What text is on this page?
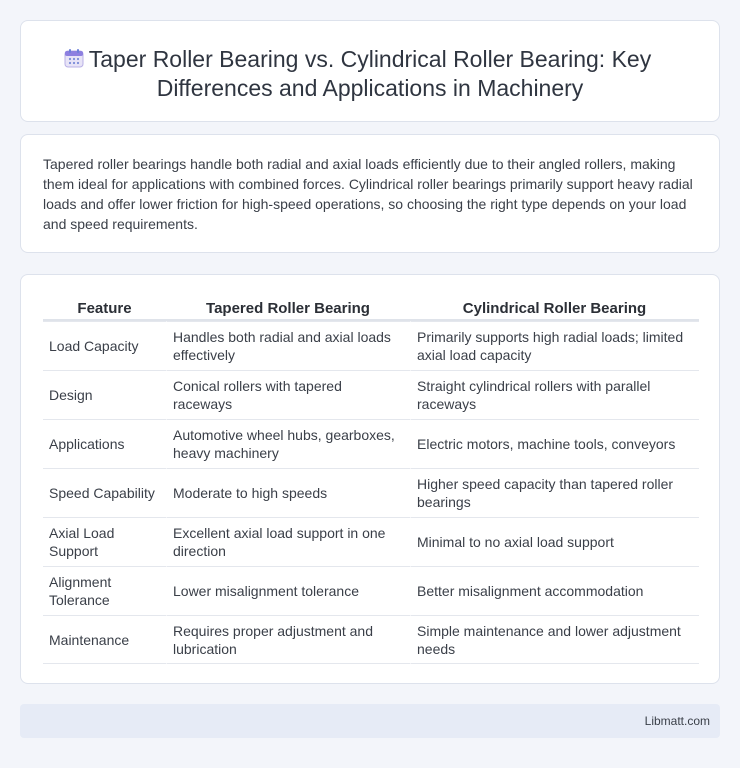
Taper Roller Bearing vs. Cylindrical Roller Bearing: Key Differences and Applications in Machinery

Tapered roller bearings handle both radial and axial loads efficiently due to their angled rollers, making them ideal for applications with combined forces. Cylindrical roller bearings primarily support heavy radial loads and offer lower friction for high-speed operations, so choosing the right type depends on your load and speed requirements.

Feature	Tapered Roller Bearing	Cylindrical Roller Bearing
Load Capacity	Handles both radial and axial loads effectively	Primarily supports high radial loads; limited axial load capacity
Design	Conical rollers with tapered raceways	Straight cylindrical rollers with parallel raceways
Applications	Automotive wheel hubs, gearboxes, heavy machinery	Electric motors, machine tools, conveyors
Speed Capability	Moderate to high speeds	Higher speed capacity than tapered roller bearings
Axial Load Support	Excellent axial load support in one direction	Minimal to no axial load support
Alignment Tolerance	Lower misalignment tolerance	Better misalignment accommodation
Maintenance	Requires proper adjustment and lubrication	Simple maintenance and lower adjustment needs
Libmatt.com
